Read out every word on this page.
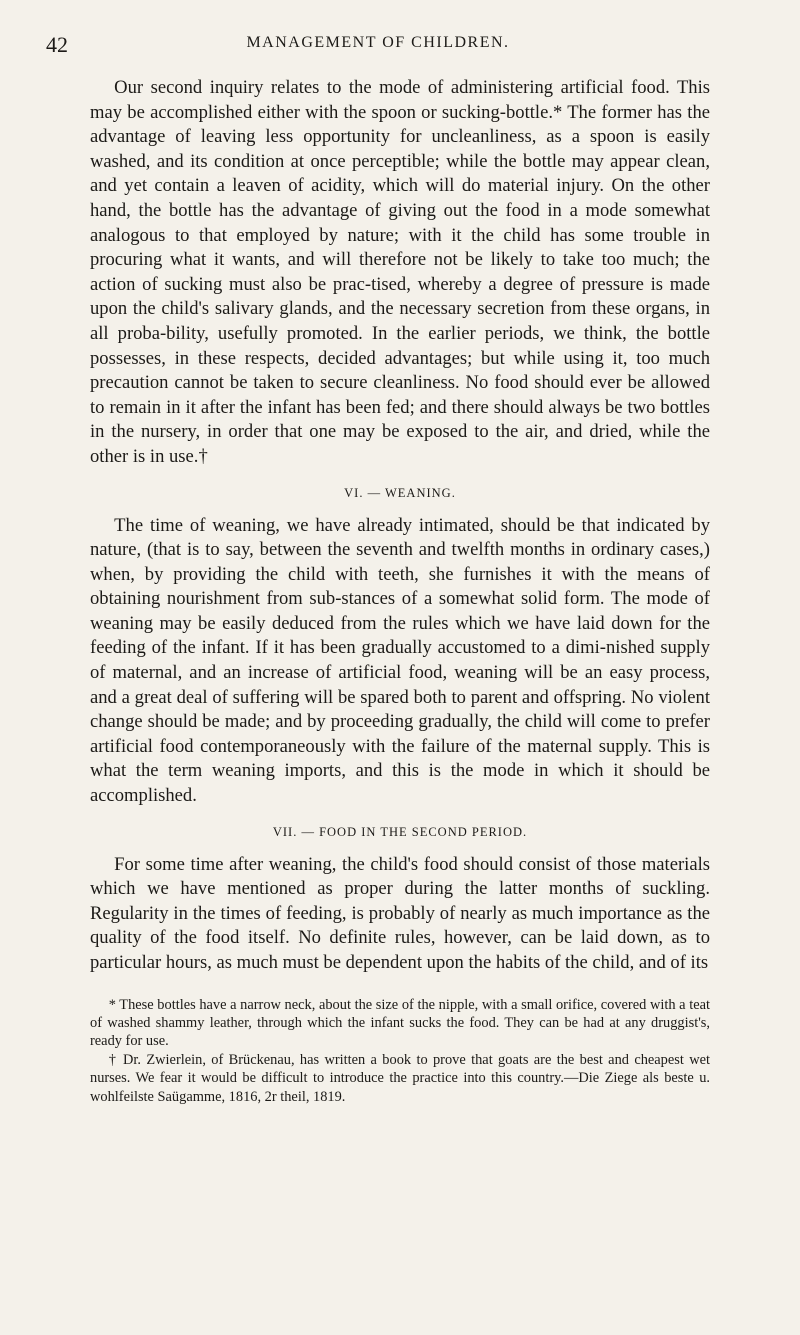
42	MANAGEMENT OF CHILDREN.

Our second inquiry relates to the mode of administering artificial food. This may be accomplished either with the spoon or sucking-bottle.* The former has the advantage of leaving less opportunity for uncleanliness, as a spoon is easily washed, and its condition at once perceptible; while the bottle may appear clean, and yet contain a leaven of acidity, which will do material injury. On the other hand, the bottle has the advantage of giving out the food in a mode somewhat analogous to that employed by nature; with it the child has some trouble in procuring what it wants, and will therefore not be likely to take too much; the action of sucking must also be prac-tised, whereby a degree of pressure is made upon the child's salivary glands, and the necessary secretion from these organs, in all proba-bility, usefully promoted. In the earlier periods, we think, the bottle possesses, in these respects, decided advantages; but while using it, too much precaution cannot be taken to secure cleanliness. No food should ever be allowed to remain in it after the infant has been fed; and there should always be two bottles in the nursery, in order that one may be exposed to the air, and dried, while the other is in use.†

VI. — WEANING.

The time of weaning, we have already intimated, should be that indicated by nature, (that is to say, between the seventh and twelfth months in ordinary cases,) when, by providing the child with teeth, she furnishes it with the means of obtaining nourishment from sub-stances of a somewhat solid form. The mode of weaning may be easily deduced from the rules which we have laid down for the feeding of the infant. If it has been gradually accustomed to a dimi-nished supply of maternal, and an increase of artificial food, weaning will be an easy process, and a great deal of suffering will be spared both to parent and offspring. No violent change should be made; and by proceeding gradually, the child will come to prefer artificial food contemporaneously with the failure of the maternal supply. This is what the term weaning imports, and this is the mode in which it should be accomplished.

VII. — FOOD IN THE SECOND PERIOD.

For some time after weaning, the child's food should consist of those materials which we have mentioned as proper during the latter months of suckling. Regularity in the times of feeding, is probably of nearly as much importance as the quality of the food itself. No definite rules, however, can be laid down, as to particular hours, as much must be dependent upon the habits of the child, and of its

* These bottles have a narrow neck, about the size of the nipple, with a small orifice, covered with a teat of washed shammy leather, through which the infant sucks the food. They can be had at any druggist's, ready for use.

† Dr. Zwierlein, of Brückenau, has written a book to prove that goats are the best and cheapest wet nurses. We fear it would be difficult to introduce the practice into this country.—Die Ziege als beste u. wohlfeilste Saügamme, 1816, 2r theil, 1819.
